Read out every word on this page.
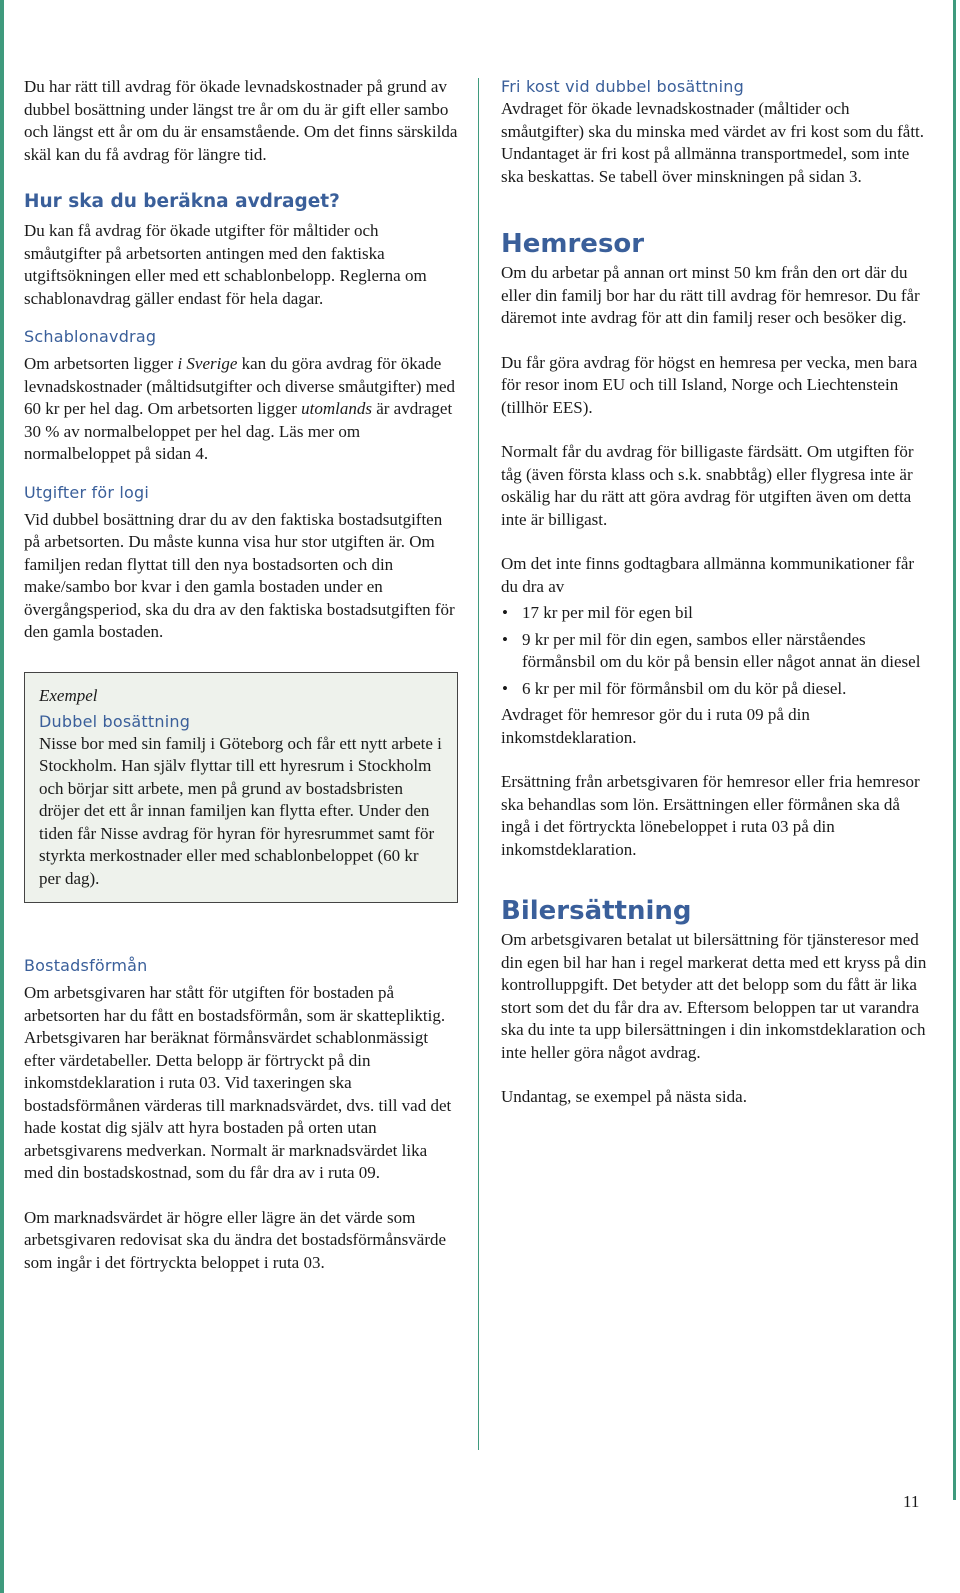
Du har rätt till avdrag för ökade levnadskostnader på grund av dubbel bosättning under längst tre år om du är gift eller sambo och längst ett år om du är ensamstående. Om det finns särskilda skäl kan du få avdrag för längre tid.

Hur ska du beräkna avdraget?

Du kan få avdrag för ökade utgifter för måltider och småutgifter på arbetsorten antingen med den faktiska utgiftsökningen eller med ett schablonbelopp. Reglerna om schablonavdrag gäller endast för hela dagar.

Schablonavdrag

Om arbetsorten ligger i Sverige kan du göra avdrag för ökade levnadskostnader (måltidsutgifter och diverse småutgifter) med 60 kr per hel dag. Om arbetsorten ligger utomlands är avdraget 30 % av normalbeloppet per hel dag. Läs mer om normalbeloppet på sidan 4.

Utgifter för logi

Vid dubbel bosättning drar du av den faktiska bostadsutgiften på arbetsorten. Du måste kunna visa hur stor utgiften är. Om familjen redan flyttat till den nya bostadsorten och din make/sambo bor kvar i den gamla bostaden under en övergångsperiod, ska du dra av den faktiska bostadsutgiften för den gamla bostaden.

Exempel

Dubbel bosättning

Nisse bor med sin familj i Göteborg och får ett nytt arbete i Stockholm. Han själv flyttar till ett hyresrum i Stockholm och börjar sitt arbete, men på grund av bostadsbristen dröjer det ett år innan familjen kan flytta efter. Under den tiden får Nisse avdrag för hyran för hyresrummet samt för styrkta merkostnader eller med schablonbeloppet (60 kr per dag).

Bostadsförmån

Om arbetsgivaren har stått för utgiften för bostaden på arbetsorten har du fått en bostadsförmån, som är skattepliktig. Arbetsgivaren har beräknat förmånsvärdet schablonmässigt efter värdetabeller. Detta belopp är förtryckt på din inkomstdeklaration i ruta 03. Vid taxeringen ska bostadsförmånen värderas till marknadsvärdet, dvs. till vad det hade kostat dig själv att hyra bostaden på orten utan arbetsgivarens medverkan. Normalt är marknadsvärdet lika med din bostadskostnad, som du får dra av i ruta 09.

Om marknadsvärdet är högre eller lägre än det värde som arbetsgivaren redovisat ska du ändra det bostadsförmånsvärde som ingår i det förtryckta beloppet i ruta 03.

Fri kost vid dubbel bosättning

Avdraget för ökade levnadskostnader (måltider och småutgifter) ska du minska med värdet av fri kost som du fått. Undantaget är fri kost på allmänna transportmedel, som inte ska beskattas. Se tabell över minskningen på sidan 3.

Hemresor

Om du arbetar på annan ort minst 50 km från den ort där du eller din familj bor har du rätt till avdrag för hemresor. Du får däremot inte avdrag för att din familj reser och besöker dig.

Du får göra avdrag för högst en hemresa per vecka, men bara för resor inom EU och till Island, Norge och Liechtenstein (tillhör EES).

Normalt får du avdrag för billigaste färdsätt. Om utgiften för tåg (även första klass och s.k. snabbtåg) eller flygresa inte är oskälig har du rätt att göra avdrag för utgiften även om detta inte är billigast.

Om det inte finns godtagbara allmänna kommunikationer får du dra av

• 17 kr per mil för egen bil
• 9 kr per mil för din egen, sambos eller närståendes förmånsbil om du kör på bensin eller något annat än diesel
• 6 kr per mil för förmånsbil om du kör på diesel.

Avdraget för hemresor gör du i ruta 09 på din inkomstdeklaration.

Ersättning från arbetsgivaren för hemresor eller fria hemresor ska behandlas som lön. Ersättningen eller förmånen ska då ingå i det förtryckta lönebeloppet i ruta 03 på din inkomstdeklaration.

Bilersättning

Om arbetsgivaren betalat ut bilersättning för tjänsteresor med din egen bil har han i regel markerat detta med ett kryss på din kontrolluppgift. Det betyder att det belopp som du fått är lika stort som det du får dra av. Eftersom beloppen tar ut varandra ska du inte ta upp bilersättningen i din inkomstdeklaration och inte heller göra något avdrag.

Undantag, se exempel på nästa sida.

11
